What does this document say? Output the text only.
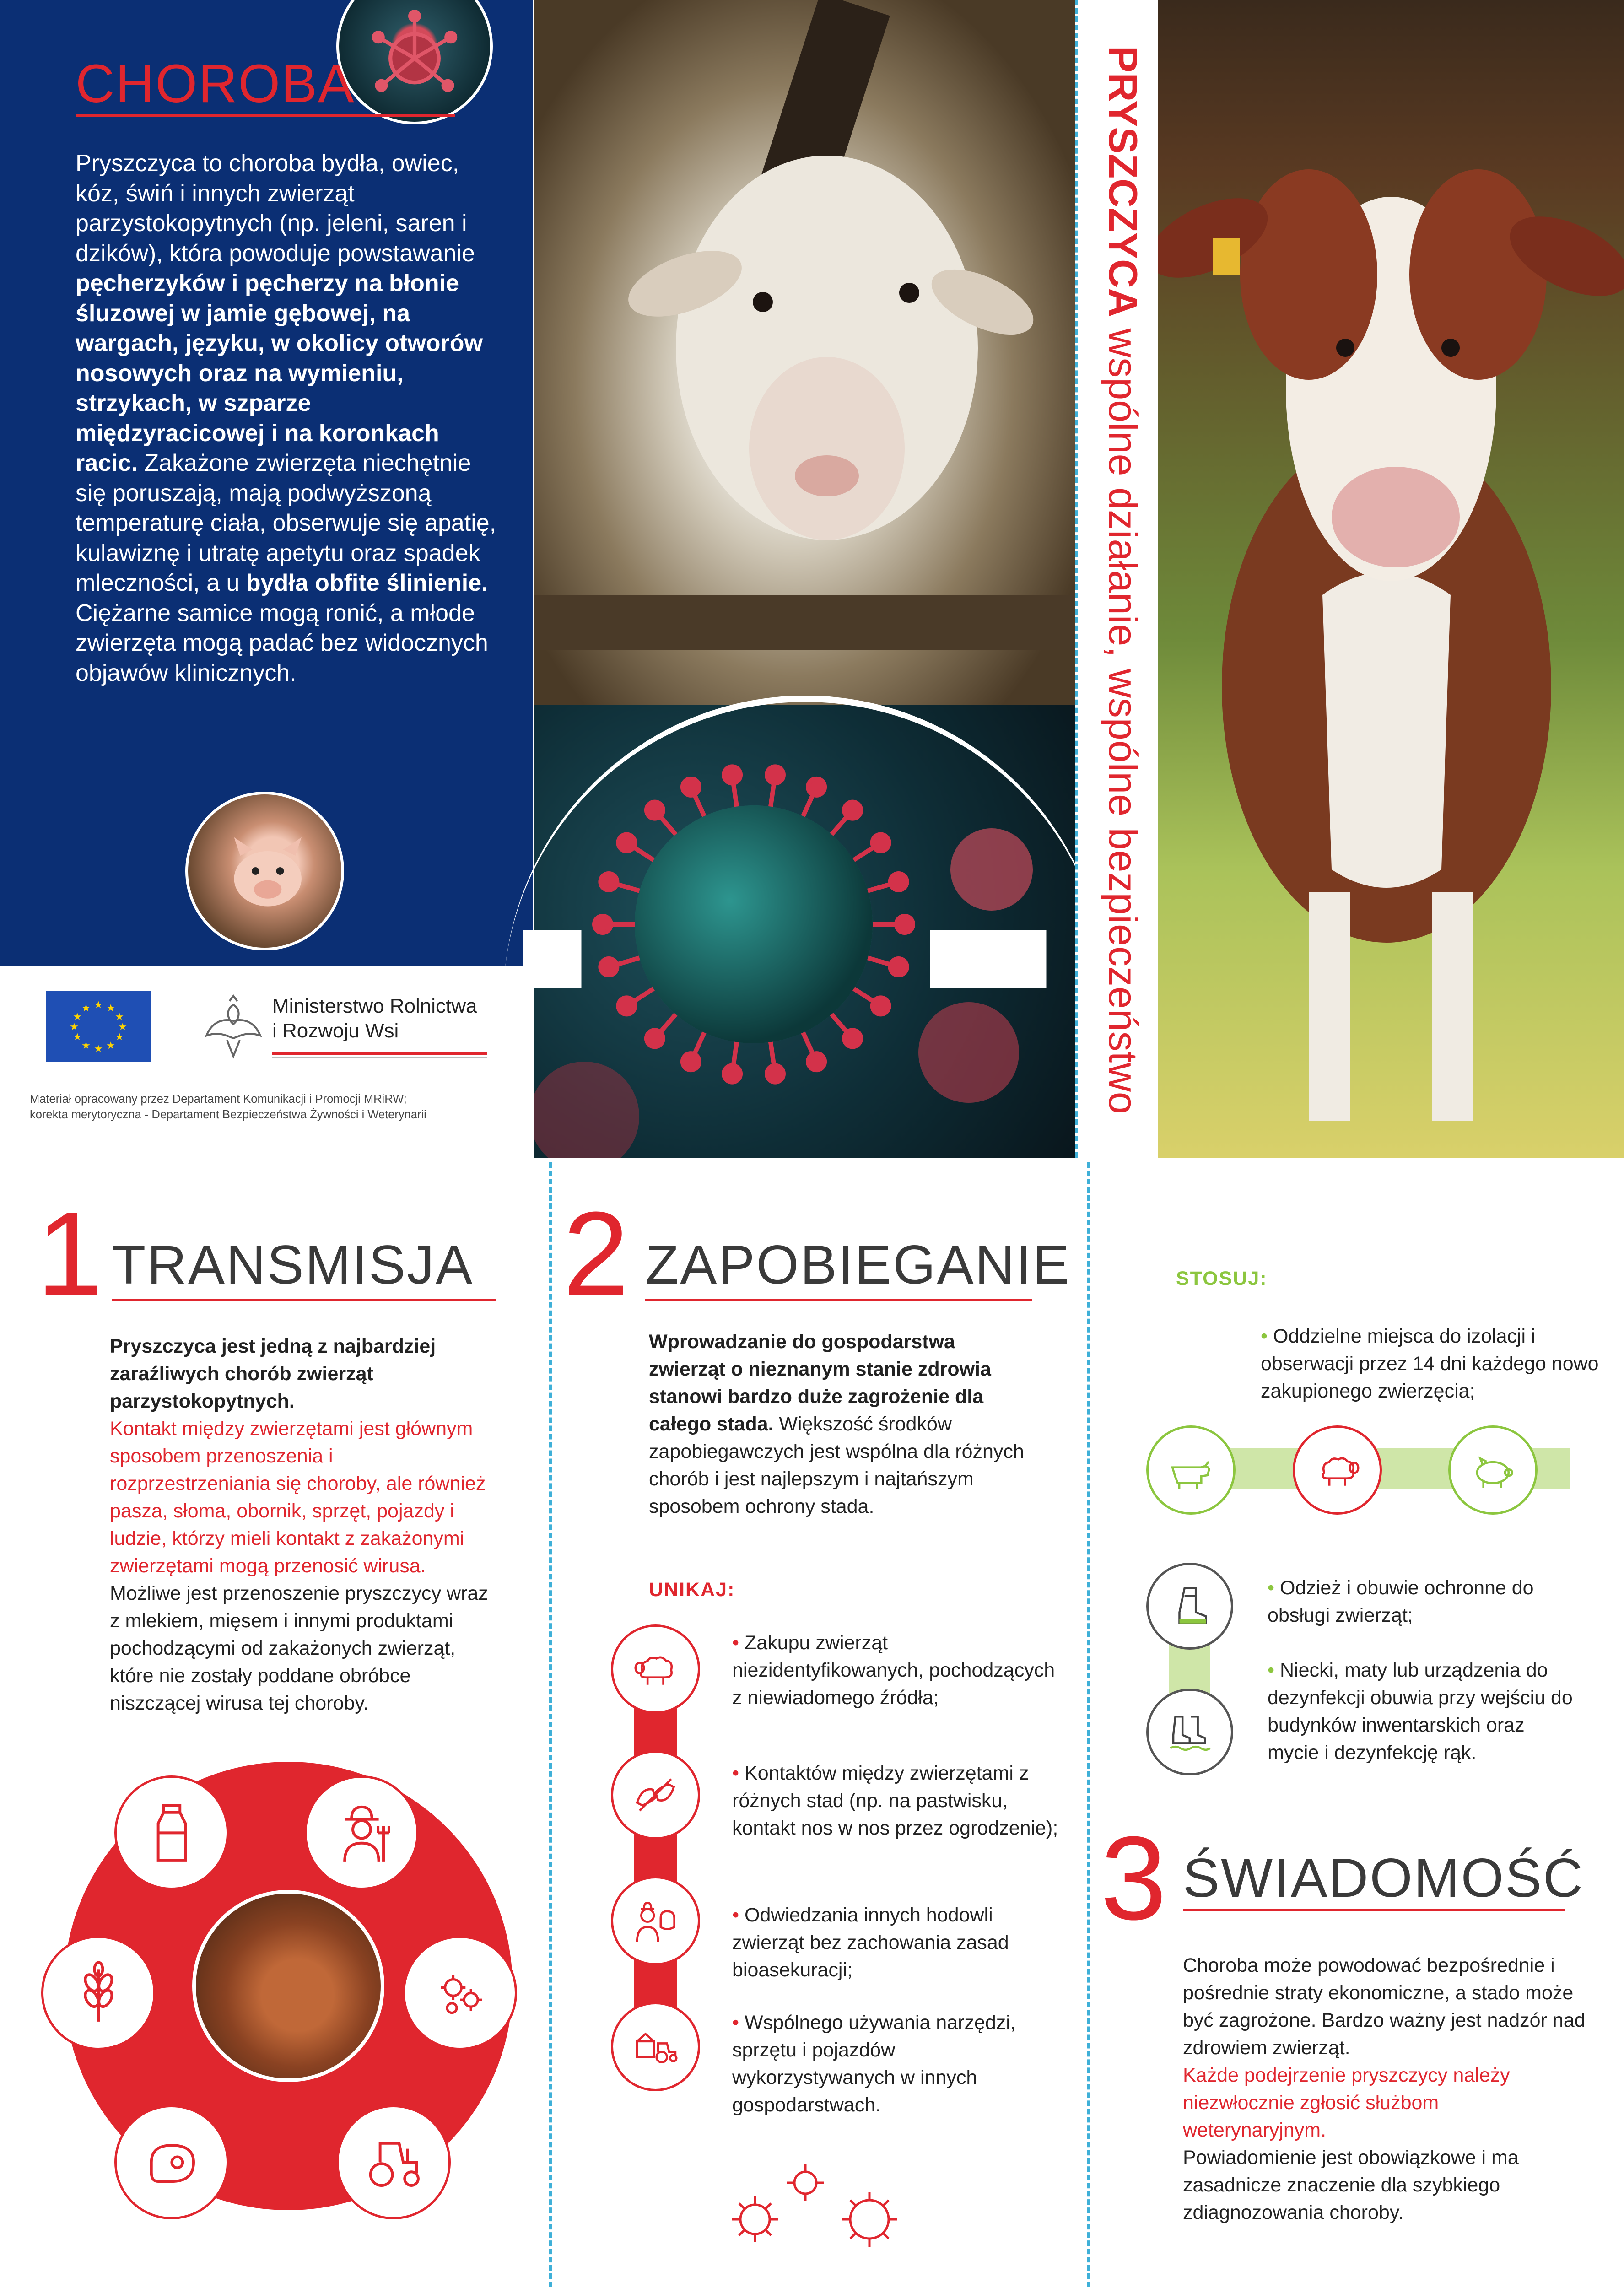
CHOROBA
Pryszczyca to choroba bydła, owiec, kóz, świń i innych zwierząt parzystokopytnych (np. jeleni, saren i dzików), która powoduje powstawanie pęcherzyków i pęcherzy na błonie śluzowej w jamie gębowej, na wargach, języku, w okolicy otworów nosowych oraz na wymieniu, strzykach, w szparze międzyracicowej i na koronkach racic. Zakażone zwierzęta niechętnie się poruszają, mają podwyższoną temperaturę ciała, obserwuje się apatię, kulawiznę i utratę apetytu oraz spadek mleczności, a u bydła obfite ślinienie.
Ciężarne samice mogą ronić, a młode zwierzęta mogą padać bez widocznych objawów klinicznych.
★ ★
★
★
★
★
★
★
★
★
★
★	Ministerstwo Rolnictwa
i Rozwoju Wsi
Materiał opracowany przez Departament Komunikacji i Promocji MRiRW;
korekta merytoryczna - Departament Bezpieczeństwa Żywności i Weterynarii
PRYSZCZYCA wspólne działanie, wspólne bezpieczeństwo
1 TRANSMISJA
Pryszczyca jest jedną z najbardziej zaraźliwych chorób zwierząt parzystokopytnych.
Kontakt między zwierzętami jest głównym sposobem przenoszenia i rozprzestrzeniania się choroby, ale również pasza, słoma, obornik, sprzęt, pojazdy i ludzie, którzy mieli kontakt z zakażonymi zwierzętami mogą przenosić wirusa.
Możliwe jest przenoszenie pryszczycy wraz z mlekiem, mięsem i innymi produktami pochodzącymi od zakażonych zwierząt, które nie zostały poddane obróbce niszczącej wirusa tej choroby.
2 ZAPOBIEGANIE
Wprowadzanie do gospodarstwa zwierząt o nieznanym stanie zdrowia stanowi bardzo duże zagrożenie dla całego stada. Większość środków zapobiegawczych jest wspólna dla różnych chorób i jest najlepszym i najtańszym sposobem ochrony stada.
UNIKAJ:
• Zakupu zwierząt niezidentyfikowanych, pochodzących z niewiadomego źródła;
• Kontaktów między zwierzętami z różnych stad (np. na pastwisku, kontakt nos w nos przez ogrodzenie);
• Odwiedzania innych hodowli zwierząt bez zachowania zasad bioasekuracji;
• Wspólnego używania narzędzi, sprzętu i pojazdów wykorzystywanych w innych gospodarstwach.
STOSUJ:
• Oddzielne miejsca do izolacji i obserwacji przez 14 dni każdego nowo zakupionego zwierzęcia;
• Odzież i obuwie ochronne do obsługi zwierząt;
• Niecki, maty lub urządzenia do dezynfekcji obuwia przy wejściu do budynków inwentarskich oraz mycie i dezynfekcję rąk.
3 ŚWIADOMOŚĆ
Choroba może powodować bezpośrednie i pośrednie straty ekonomiczne, a stado może być zagrożone. Bardzo ważny jest nadzór nad zdrowiem zwierząt.
Każde podejrzenie pryszczycy należy niezwłocznie zgłosić służbom weterynaryjnym.
Powiadomienie jest obowiązkowe i ma zasadnicze znaczenie dla szybkiego zdiagnozowania choroby.
